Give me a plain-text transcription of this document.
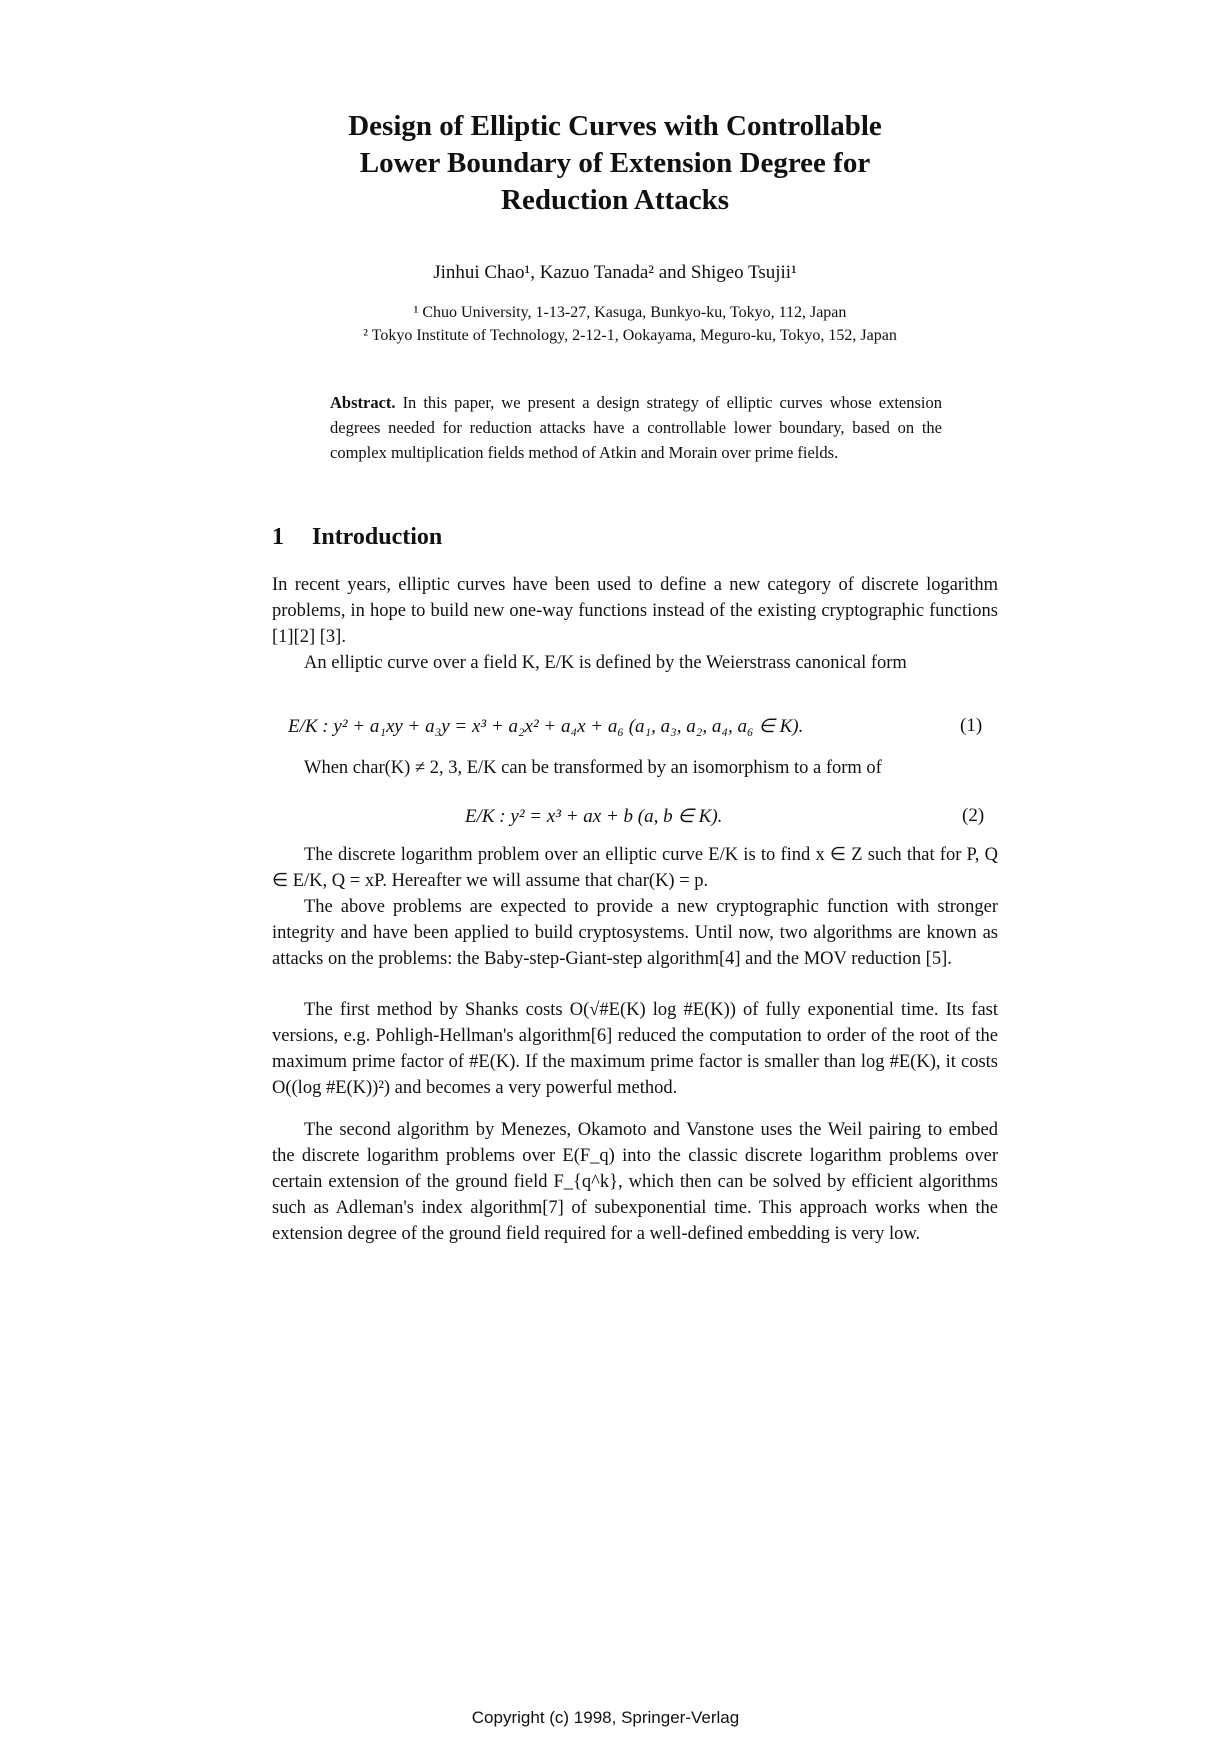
Design of Elliptic Curves with Controllable
Lower Boundary of Extension Degree for
Reduction Attacks
Jinhui Chao¹, Kazuo Tanada² and Shigeo Tsujii¹
¹ Chuo University, 1-13-27, Kasuga, Bunkyo-ku, Tokyo, 112, Japan
² Tokyo Institute of Technology, 2-12-1, Ookayama, Meguro-ku, Tokyo, 152, Japan
Abstract. In this paper, we present a design strategy of elliptic curves whose extension degrees needed for reduction attacks have a controllable lower boundary, based on the complex multiplication fields method of Atkin and Morain over prime fields.
1 Introduction
In recent years, elliptic curves have been used to define a new category of discrete logarithm problems, in hope to build new one-way functions instead of the existing cryptographic functions [1][2] [3].
An elliptic curve over a field K, E/K is defined by the Weierstrass canonical form
E/K : y² + a₁xy + a₃y = x³ + a₂x² + a₄x + a₆ (a₁, a₃, a₂, a₄, a₆ ∈ K).	(1)
When char(K) ≠ 2, 3, E/K can be transformed by an isomorphism to a form of
E/K : y² = x³ + ax + b (a, b ∈ K).	(2)
The discrete logarithm problem over an elliptic curve E/K is to find x ∈ Z such that for P, Q ∈ E/K, Q = xP. Hereafter we will assume that char(K) = p.
The above problems are expected to provide a new cryptographic function with stronger integrity and have been applied to build cryptosystems. Until now, two algorithms are known as attacks on the problems: the Baby-step-Giant-step algorithm[4] and the MOV reduction [5].
The first method by Shanks costs O(√#E(K) log #E(K)) of fully exponential time. Its fast versions, e.g. Pohligh-Hellman's algorithm[6] reduced the computation to order of the root of the maximum prime factor of #E(K). If the maximum prime factor is smaller than log #E(K), it costs O((log #E(K))²) and becomes a very powerful method.
The second algorithm by Menezes, Okamoto and Vanstone uses the Weil pairing to embed the discrete logarithm problems over E(F_q) into the classic discrete logarithm problems over certain extension of the ground field F_{q^k}, which then can be solved by efficient algorithms such as Adleman's index algorithm[7] of subexponential time. This approach works when the extension degree of the ground field required for a well-defined embedding is very low.
Copyright (c) 1998, Springer-Verlag
